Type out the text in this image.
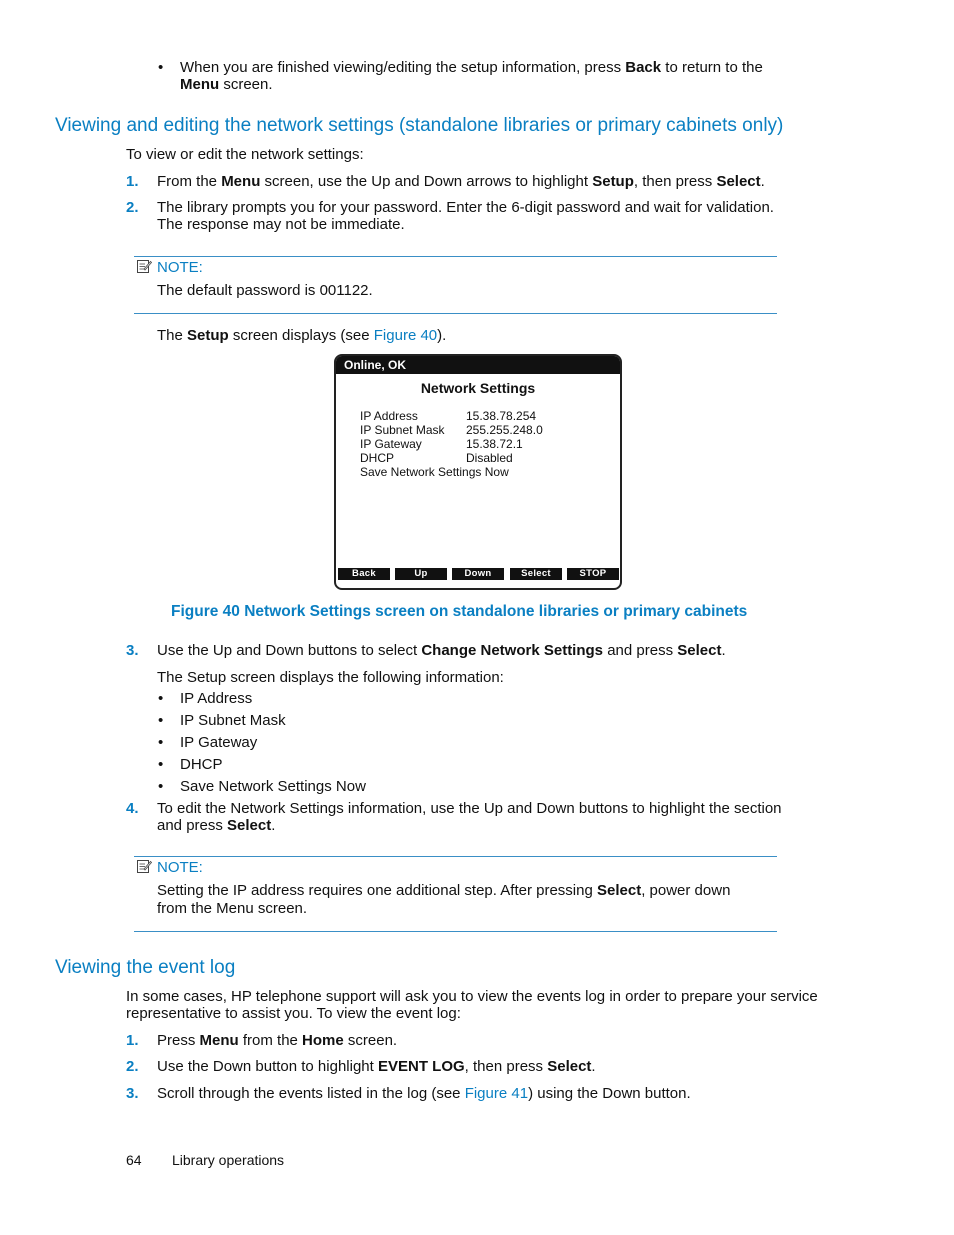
• When you are finished viewing/editing the setup information, press Back to return to the
Menu screen.
Viewing and editing the network settings (standalone libraries or primary cabinets only)
To view or edit the network settings:
1. From the Menu screen, use the Up and Down arrows to highlight Setup, then press Select.
2. The library prompts you for your password. Enter the 6-digit password and wait for validation.
The response may not be immediate.
NOTE:
The default password is 001122.
The Setup screen displays (see Figure 40).
Online, OK
Network Settings
IP Address	15.38.78.254
IP Subnet Mask 255.255.248.0
IP Gateway	15.38.72.1
DHCP	Disabled
Save Network Settings Now
Back	Up	Down	Select	STOP
Figure 40 Network Settings screen on standalone libraries or primary cabinets
3. Use the Up and Down buttons to select Change Network Settings and press Select.
The Setup screen displays the following information:
• IP Address
• IP Subnet Mask
• IP Gateway
• DHCP
• Save Network Settings Now
4. To edit the Network Settings information, use the Up and Down buttons to highlight the section
and press Select.
NOTE:
Setting the IP address requires one additional step. After pressing Select, power down
from the Menu screen.
Viewing the event log
In some cases, HP telephone support will ask you to view the events log in order to prepare your service
representative to assist you. To view the event log:
1. Press Menu from the Home screen.
2. Use the Down button to highlight EVENT LOG, then press Select.
3. Scroll through the events listed in the log (see Figure 41) using the Down button.
64 Library operations
